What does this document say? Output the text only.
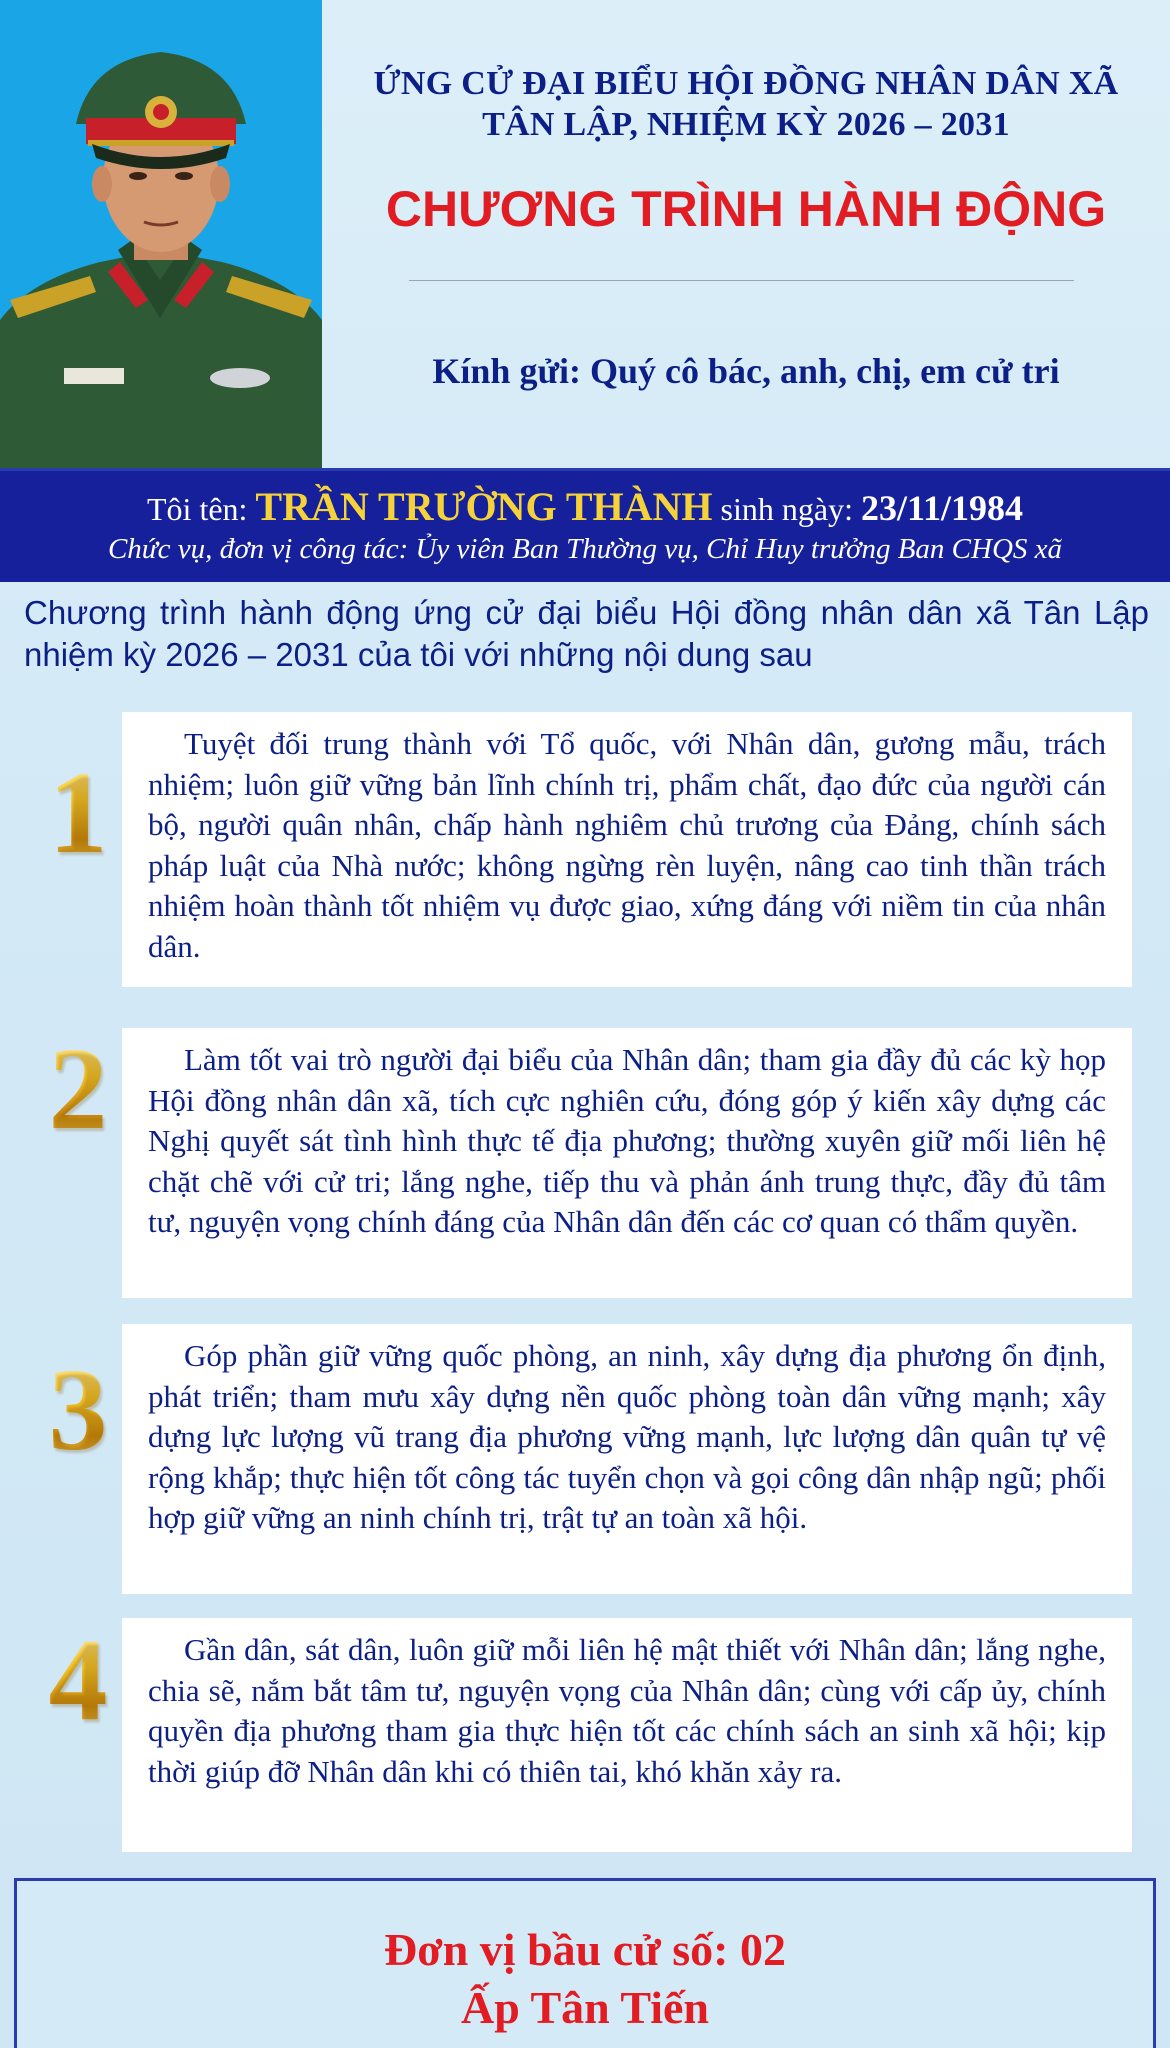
ỨNG CỬ ĐẠI BIỂU HỘI ĐỒNG NHÂN DÂN XÃ
TÂN LẬP, NHIỆM KỲ 2026 – 2031
CHƯƠNG TRÌNH HÀNH ĐỘNG
Kính gửi: Quý cô bác, anh, chị, em cử tri
Tôi tên: TRẦN TRƯỜNG THÀNH sinh ngày: 23/11/1984
Chức vụ, đơn vị công tác: Ủy viên Ban Thường vụ, Chỉ Huy trưởng Ban CHQS xã
Chương trình hành động ứng cử đại biểu Hội đồng nhân dân xã Tân Lập nhiệm kỳ 2026 – 2031 của tôi với những nội dung sau
1
Tuyệt đối trung thành với Tổ quốc, với Nhân dân, gương mẫu, trách nhiệm; luôn giữ vững bản lĩnh chính trị, phẩm chất, đạo đức của người cán bộ, người quân nhân, chấp hành nghiêm chủ trương của Đảng, chính sách pháp luật của Nhà nước; không ngừng rèn luyện, nâng cao tinh thần trách nhiệm hoàn thành tốt nhiệm vụ được giao, xứng đáng với niềm tin của nhân dân.
2	Làm tốt vai trò người đại biểu của Nhân dân; tham gia đầy đủ các kỳ họp Hội đồng nhân dân xã, tích cực nghiên cứu, đóng góp ý kiến xây dựng các Nghị quyết sát tình hình thực tế địa phương; thường xuyên giữ mối liên hệ chặt chẽ với cử tri; lắng nghe, tiếp thu và phản ánh trung thực, đầy đủ tâm tư, nguyện vọng chính đáng của Nhân dân đến các cơ quan có thẩm quyền.
3	Góp phần giữ vững quốc phòng, an ninh, xây dựng địa phương ổn định, phát triển; tham mưu xây dựng nền quốc phòng toàn dân vững mạnh; xây dựng lực lượng vũ trang địa phương vững mạnh, lực lượng dân quân tự vệ rộng khắp; thực hiện tốt công tác tuyển chọn và gọi công dân nhập ngũ; phối hợp giữ vững an ninh chính trị, trật tự an toàn xã hội.
4	Gần dân, sát dân, luôn giữ mỗi liên hệ mật thiết với Nhân dân; lắng nghe, chia sẽ, nắm bắt tâm tư, nguyện vọng của Nhân dân; cùng với cấp ủy, chính quyền địa phương tham gia thực hiện tốt các chính sách an sinh xã hội; kịp thời giúp đỡ Nhân dân khi có thiên tai, khó khăn xảy ra.
Đơn vị bầu cử số: 02
Ấp Tân Tiến
